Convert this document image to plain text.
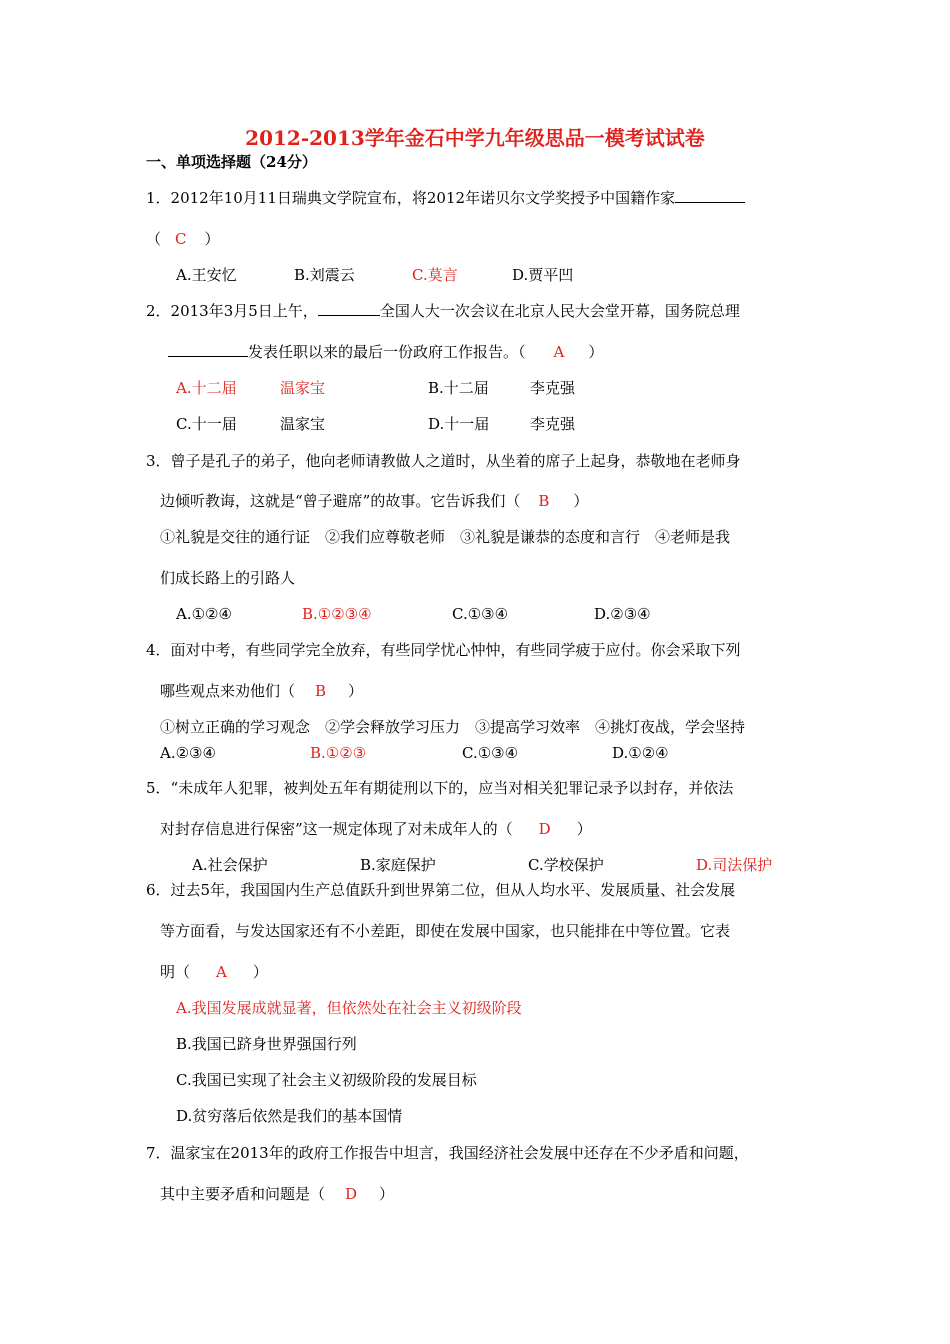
2012-2013学年金石中学九年级思品一模考试试卷
一、单项选择题（24分）
1．2012年10月11日瑞典文学院宣布，将2012年诺贝尔文学奖授予中国籍作家
（ C ）
A.王安忆	B.刘震云	C.莫言	D.贾平凹
2．2013年3月5日上午，	全国人大一次会议在北京人民大会堂开幕，国务院总理
发表任职以来的最后一份政府工作报告。（ A ）
A.十二届	温家宝	B.十二届	李克强
C.十一届	温家宝	D.十一届	李克强
3．曾子是孔子的弟子，他向老师请教做人之道时，从坐着的席子上起身，恭敬地在老师身
边倾听教诲，这就是“曾子避席”的故事。它告诉我们（ B ）
①礼貌是交往的通行证　②我们应尊敬老师　③礼貌是谦恭的态度和言行　④老师是我
们成长路上的引路人
A.①②④	B.①②③④	C.①③④	D.②③④
4．面对中考，有些同学完全放弃，有些同学忧心忡忡，有些同学疲于应付。你会采取下列
哪些观点来劝他们（ B ）
①树立正确的学习观念　②学会释放学习压力　③提高学习效率　④挑灯夜战，学会坚持
A.②③④	B.①②③	C.①③④	D.①②④
5．“未成年人犯罪，被判处五年有期徒刑以下的，应当对相关犯罪记录予以封存，并依法
对封存信息进行保密”这一规定体现了对未成年人的（ D ）
A.社会保护	B.家庭保护	C.学校保护	D.司法保护
6．过去5年，我国国内生产总值跃升到世界第二位，但从人均水平、发展质量、社会发展
等方面看，与发达国家还有不小差距，即使在发展中国家，也只能排在中等位置。它表
明（ A ）
A.我国发展成就显著，但依然处在社会主义初级阶段
B.我国已跻身世界强国行列
C.我国已实现了社会主义初级阶段的发展目标
D.贫穷落后依然是我们的基本国情
7．温家宝在2013年的政府工作报告中坦言，我国经济社会发展中还存在不少矛盾和问题，
其中主要矛盾和问题是（ D ）
